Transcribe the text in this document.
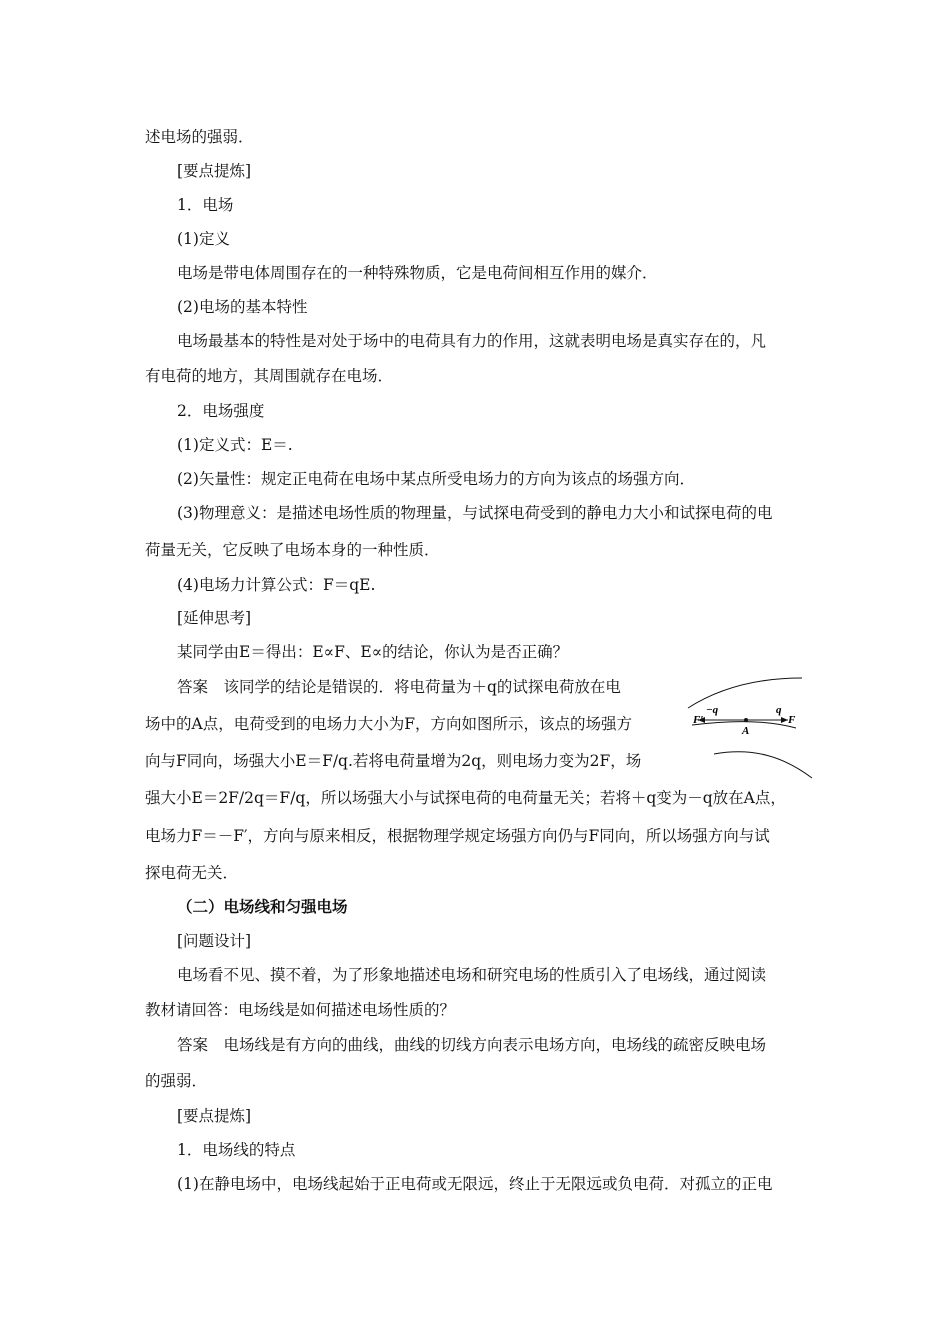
述电场的强弱．
[要点提炼]
1．电场
(1)定义
电场是带电体周围存在的一种特殊物质，它是电荷间相互作用的媒介．
(2)电场的基本特性
电场最基本的特性是对处于场中的电荷具有力的作用，这就表明电场是真实存在的，凡
有电荷的地方，其周围就存在电场．
2．电场强度
(1)定义式：E＝.
(2)矢量性：规定正电荷在电场中某点所受电场力的方向为该点的场强方向．
(3)物理意义：是描述电场性质的物理量，与试探电荷受到的静电力大小和试探电荷的电
荷量无关，它反映了电场本身的一种性质．
(4)电场力计算公式：F＝qE.
[延伸思考]
某同学由E＝得出：E∝F、E∝的结论，你认为是否正确？
答案　该同学的结论是错误的．将电荷量为＋q的试探电荷放在电
场中的A点，电荷受到的电场力大小为F，方向如图所示，该点的场强方
向与F同向，场强大小E＝F/q.若将电荷量增为2q，则电场力变为2F，场
强大小E＝2F/2q＝F/q，所以场强大小与试探电荷的电荷量无关；若将＋q变为－q放在A点，
电场力F＝－F′，方向与原来相反，根据物理学规定场强方向仍与F同向，所以场强方向与试
探电荷无关．
（二）电场线和匀强电场
[问题设计]
电场看不见、摸不着，为了形象地描述电场和研究电场的性质引入了电场线，通过阅读
教材请回答：电场线是如何描述电场性质的？
答案　电场线是有方向的曲线，曲线的切线方向表示电场方向，电场线的疏密反映电场
的强弱．
[要点提炼]
1．电场线的特点
(1)在静电场中，电场线起始于正电荷或无限远，终止于无限远或负电荷．对孤立的正电
F′
−q	q
A
F
